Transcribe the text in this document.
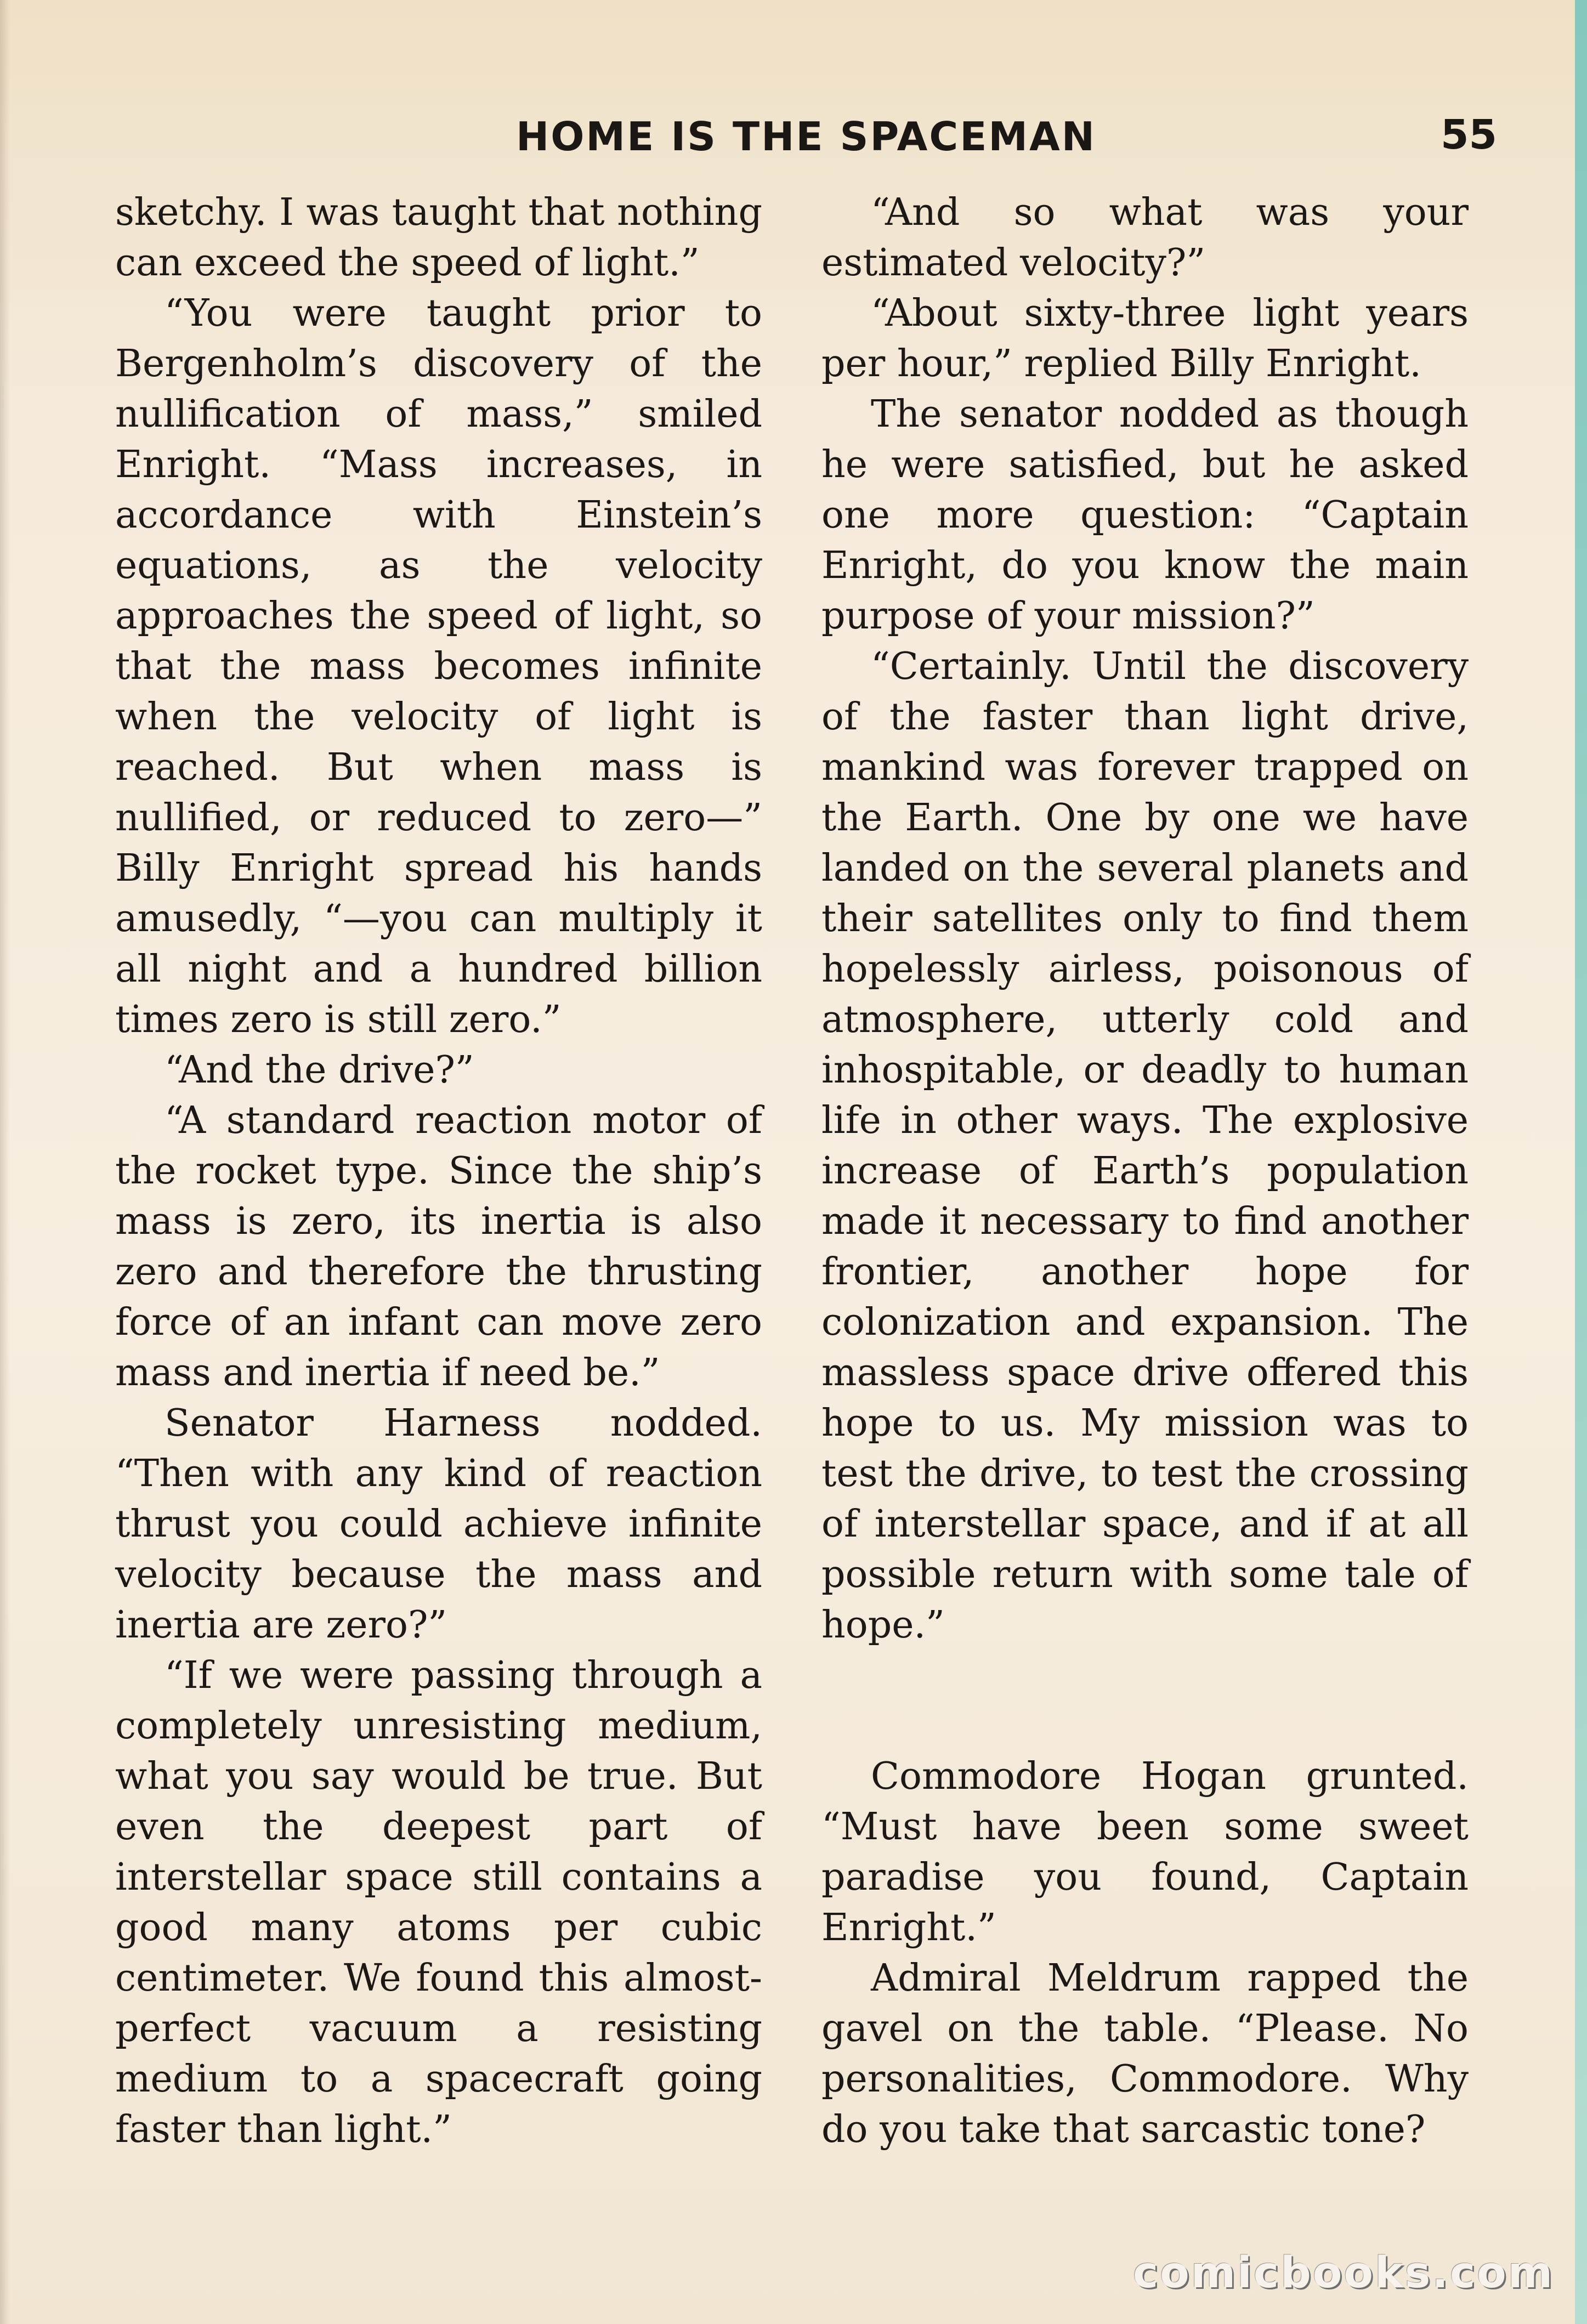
HOME IS THE SPACEMAN	55

sketchy. I was taught that nothing can exceed the speed of light.”

“You were taught prior to Bergenholm’s discovery of the nullification of mass,” smiled Enright. “Mass increases, in accordance with Einstein’s equations, as the velocity approaches the speed of light, so that the mass becomes infinite when the velocity of light is reached. But when mass is nullified, or reduced to zero—” Billy Enright spread his hands amusedly, “—you can multiply it all night and a hundred billion times zero is still zero.”

“And the drive?”

“A standard reaction motor of the rocket type. Since the ship’s mass is zero, its inertia is also zero and therefore the thrusting force of an infant can move zero mass and inertia if need be.”

Senator Harness nodded. “Then with any kind of reaction thrust you could achieve infinite velocity because the mass and inertia are zero?”

“If we were passing through a completely unresisting medium, what you say would be true. But even the deepest part of interstellar space still contains a good many atoms per cubic centimeter. We found this almost-perfect vacuum a resisting medium to a spacecraft going faster than light.”

“And so what was your estimated velocity?”

“About sixty-three light years per hour,” replied Billy Enright.

The senator nodded as though he were satisfied, but he asked one more question: “Captain Enright, do you know the main purpose of your mission?”

“Certainly. Until the discovery of the faster than light drive, mankind was forever trapped on the Earth. One by one we have landed on the several planets and their satellites only to find them hopelessly airless, poisonous of atmosphere, utterly cold and inhospitable, or deadly to human life in other ways. The explosive increase of Earth’s population made it necessary to find another frontier, another hope for colonization and expansion. The massless space drive offered this hope to us. My mission was to test the drive, to test the crossing of interstellar space, and if at all possible return with some tale of hope.”

Commodore Hogan grunted. “Must have been some sweet paradise you found, Captain Enright.”

Admiral Meldrum rapped the gavel on the table. “Please. No personalities, Commodore. Why do you take that sarcastic tone?

comicbooks.com
